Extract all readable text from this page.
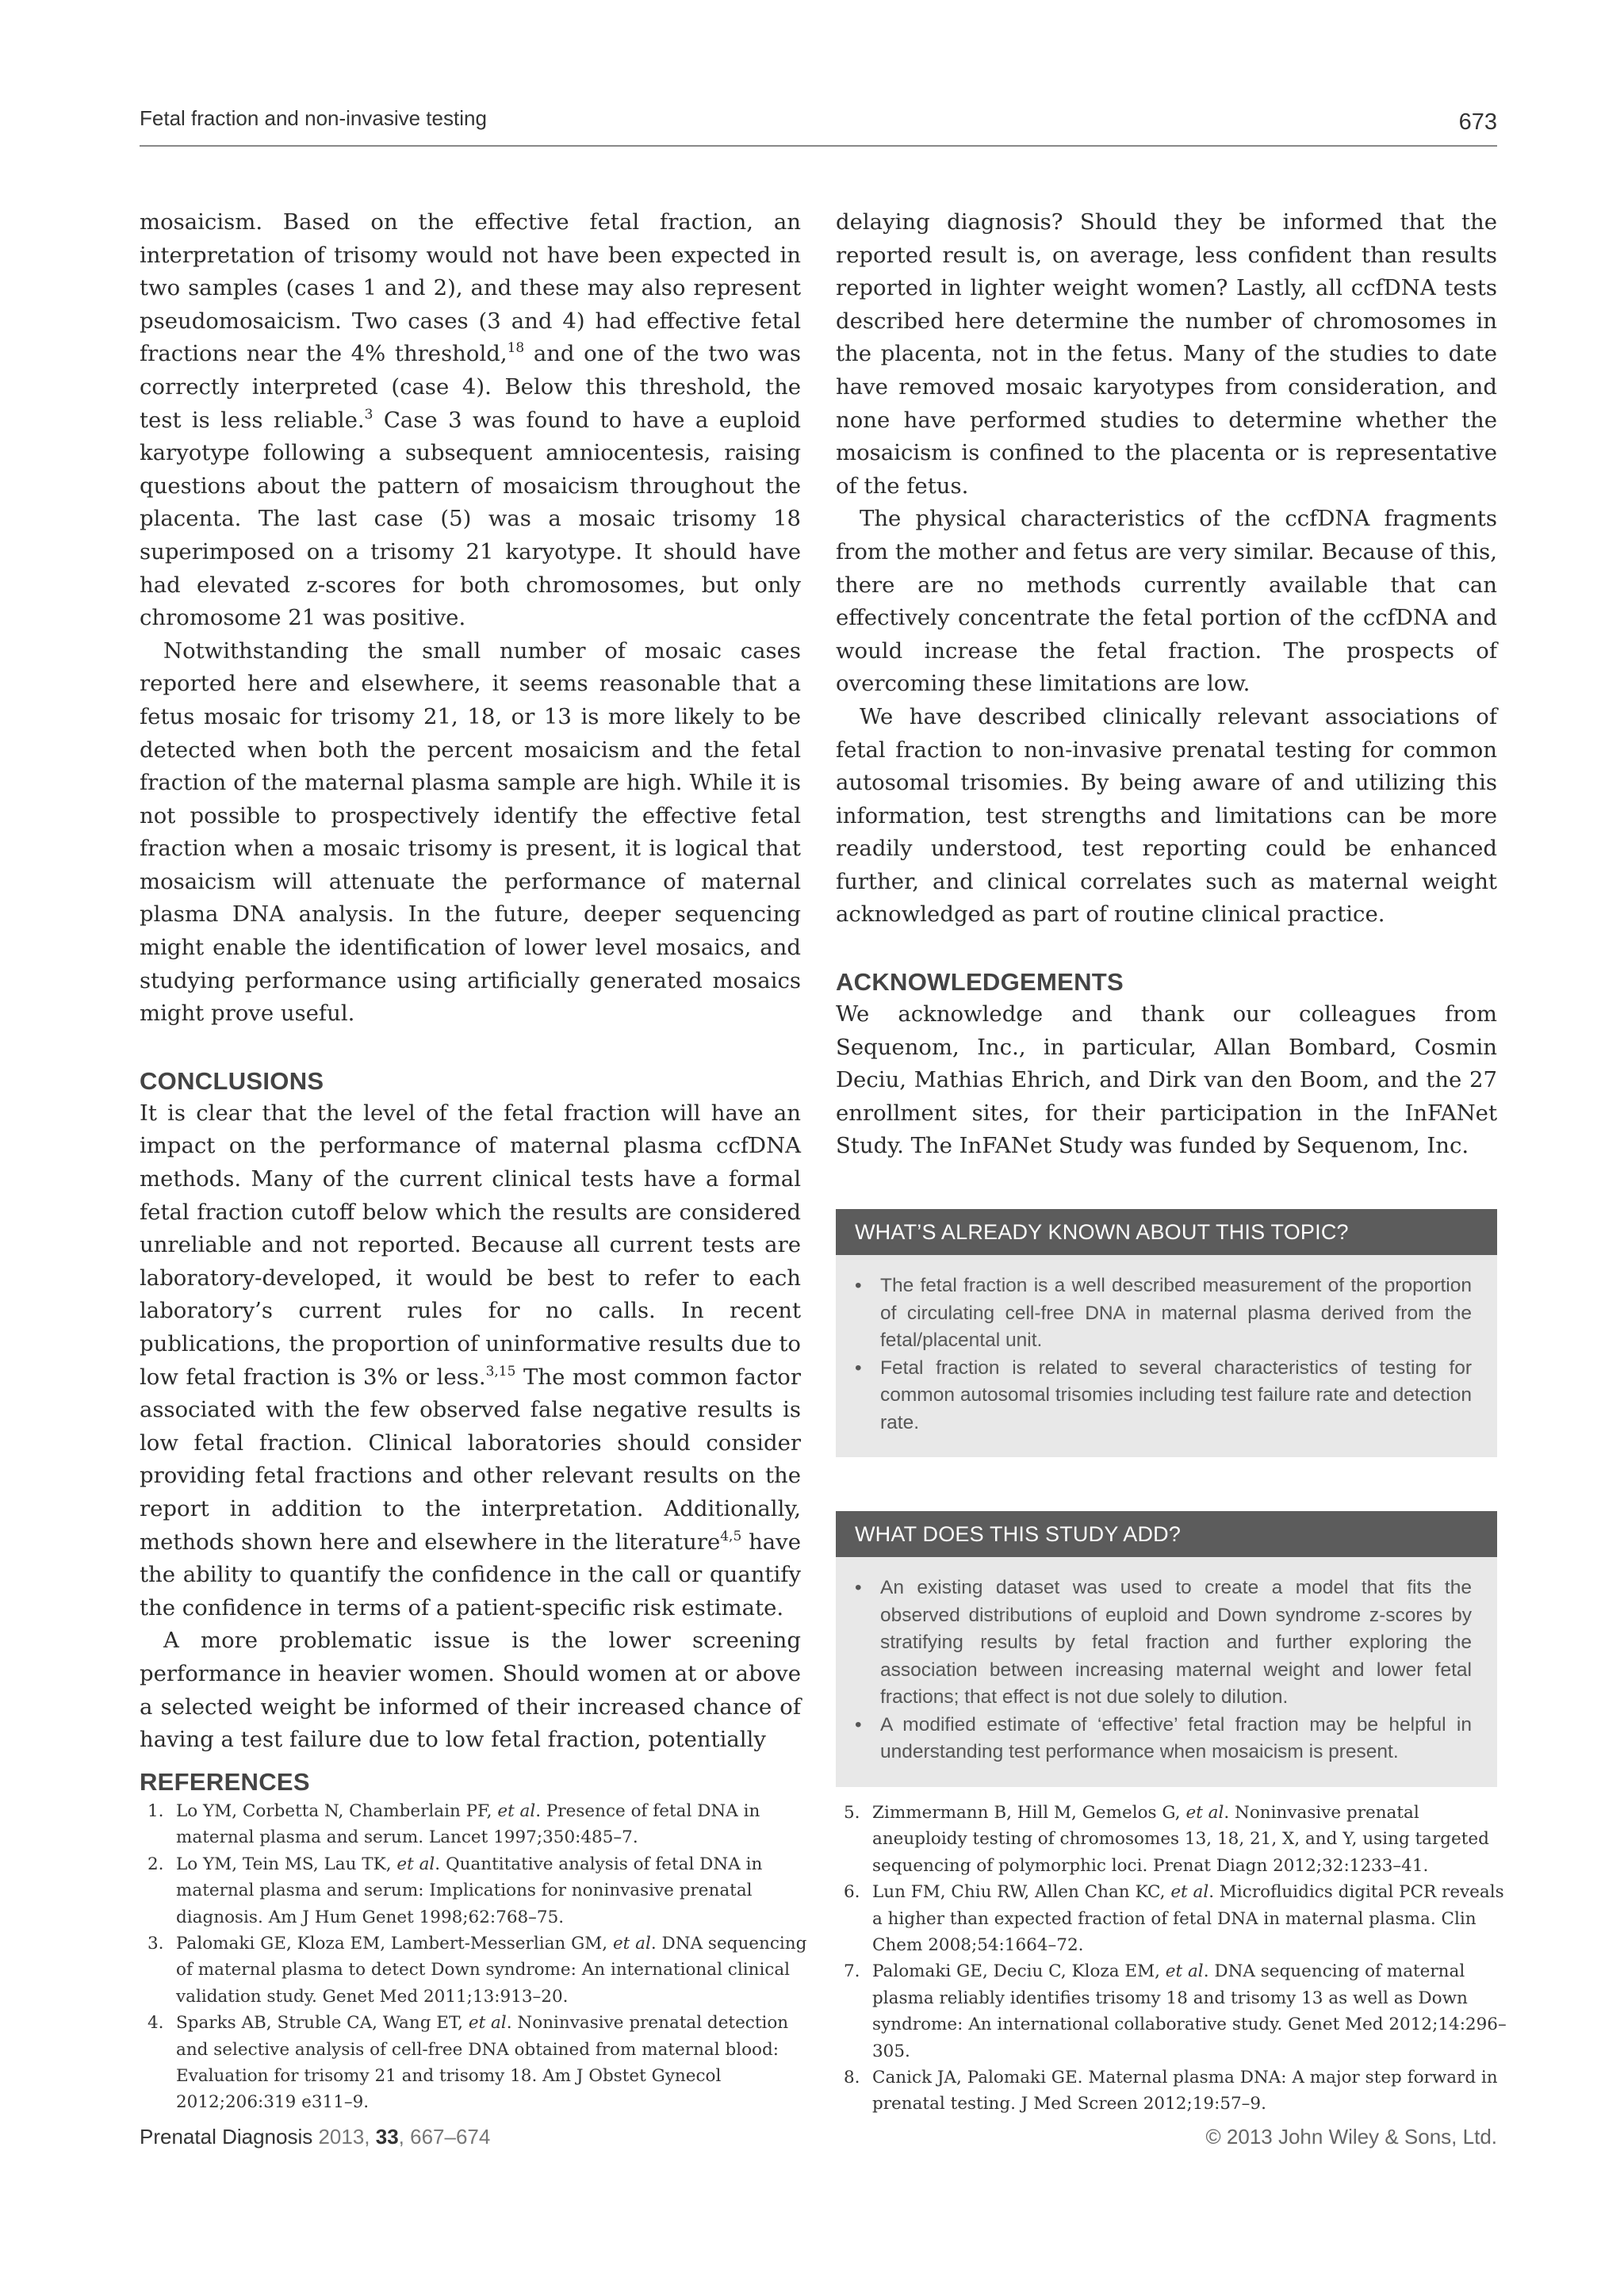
Fetal fraction and non-invasive testing	673

mosaicism. Based on the effective fetal fraction, an interpretation of trisomy would not have been expected in two samples (cases 1 and 2), and these may also represent pseudomosaicism. Two cases (3 and 4) had effective fetal fractions near the 4% threshold,$^{18}$ and one of the two was correctly interpreted (case 4). Below this threshold, the test is less reliable.$^3$ Case 3 was found to have a euploid karyotype following a subsequent amniocentesis, raising questions about the pattern of mosaicism throughout the placenta. The last case (5) was a mosaic trisomy 18 superimposed on a trisomy 21 karyotype. It should have had elevated z-scores for both chromosomes, but only chromosome 21 was positive.

Notwithstanding the small number of mosaic cases reported here and elsewhere, it seems reasonable that a fetus mosaic for trisomy 21, 18, or 13 is more likely to be detected when both the percent mosaicism and the fetal fraction of the maternal plasma sample are high. While it is not possible to prospectively identify the effective fetal fraction when a mosaic trisomy is present, it is logical that mosaicism will attenuate the performance of maternal plasma DNA analysis. In the future, deeper sequencing might enable the identification of lower level mosaics, and studying performance using artificially generated mosaics might prove useful.

CONCLUSIONS

It is clear that the level of the fetal fraction will have an impact on the performance of maternal plasma ccfDNA methods. Many of the current clinical tests have a formal fetal fraction cutoff below which the results are considered unreliable and not reported. Because all current tests are laboratory-developed, it would be best to refer to each laboratory’s current rules for no calls. In recent publications, the proportion of uninformative results due to low fetal fraction is 3% or less.$^{3,15}$ The most common factor associated with the few observed false negative results is low fetal fraction. Clinical laboratories should consider providing fetal fractions and other relevant results on the report in addition to the interpretation. Additionally, methods shown here and elsewhere in the literature$^{4,5}$ have the ability to quantify the confidence in the call or quantify the confidence in terms of a patient-specific risk estimate.

A more problematic issue is the lower screening performance in heavier women. Should women at or above a selected weight be informed of their increased chance of having a test failure due to low fetal fraction, potentially

delaying diagnosis? Should they be informed that the reported result is, on average, less confident than results reported in lighter weight women? Lastly, all ccfDNA tests described here determine the number of chromosomes in the placenta, not in the fetus. Many of the studies to date have removed mosaic karyotypes from consideration, and none have performed studies to determine whether the mosaicism is confined to the placenta or is representative of the fetus.

The physical characteristics of the ccfDNA fragments from the mother and fetus are very similar. Because of this, there are no methods currently available that can effectively concentrate the fetal portion of the ccfDNA and would increase the fetal fraction. The prospects of overcoming these limitations are low.

We have described clinically relevant associations of fetal fraction to non-invasive prenatal testing for common autosomal trisomies. By being aware of and utilizing this information, test strengths and limitations can be more readily understood, test reporting could be enhanced further, and clinical correlates such as maternal weight acknowledged as part of routine clinical practice.

ACKNOWLEDGEMENTS

We acknowledge and thank our colleagues from Sequenom, Inc., in particular, Allan Bombard, Cosmin Deciu, Mathias Ehrich, and Dirk van den Boom, and the 27 enrollment sites, for their participation in the InFANet Study. The InFANet Study was funded by Sequenom, Inc.

WHAT’S ALREADY KNOWN ABOUT THIS TOPIC?
• The fetal fraction is a well described measurement of the proportion of circulating cell-free DNA in maternal plasma derived from the fetal/placental unit.
• Fetal fraction is related to several characteristics of testing for common autosomal trisomies including test failure rate and detection rate.
WHAT DOES THIS STUDY ADD?
• An existing dataset was used to create a model that fits the observed distributions of euploid and Down syndrome z-scores by stratifying results by fetal fraction and further exploring the association between increasing maternal weight and lower fetal fractions; that effect is not due solely to dilution.
• A modified estimate of ‘effective’ fetal fraction may be helpful in understanding test performance when mosaicism is present.
REFERENCES
1. Lo YM, Corbetta N, Chamberlain PF, et al. Presence of fetal DNA in maternal plasma and serum. Lancet 1997;350:485–7.
2. Lo YM, Tein MS, Lau TK, et al. Quantitative analysis of fetal DNA in maternal plasma and serum: Implications for noninvasive prenatal diagnosis. Am J Hum Genet 1998;62:768–75.
3. Palomaki GE, Kloza EM, Lambert-Messerlian GM, et al. DNA sequencing of maternal plasma to detect Down syndrome: An international clinical validation study. Genet Med 2011;13:913–20.
4. Sparks AB, Struble CA, Wang ET, et al. Noninvasive prenatal detection and selective analysis of cell-free DNA obtained from maternal blood: Evaluation for trisomy 21 and trisomy 18. Am J Obstet Gynecol 2012;206:319 e311–9.
5. Zimmermann B, Hill M, Gemelos G, et al. Noninvasive prenatal aneuploidy testing of chromosomes 13, 18, 21, X, and Y, using targeted sequencing of polymorphic loci. Prenat Diagn 2012;32:1233–41.
6. Lun FM, Chiu RW, Allen Chan KC, et al. Microfluidics digital PCR reveals a higher than expected fraction of fetal DNA in maternal plasma. Clin Chem 2008;54:1664–72.
7. Palomaki GE, Deciu C, Kloza EM, et al. DNA sequencing of maternal plasma reliably identifies trisomy 18 and trisomy 13 as well as Down syndrome: An international collaborative study. Genet Med 2012;14:296–305.
8. Canick JA, Palomaki GE. Maternal plasma DNA: A major step forward in prenatal testing. J Med Screen 2012;19:57–9.
Prenatal Diagnosis 2013, 33, 667–674	© 2013 John Wiley & Sons, Ltd.
